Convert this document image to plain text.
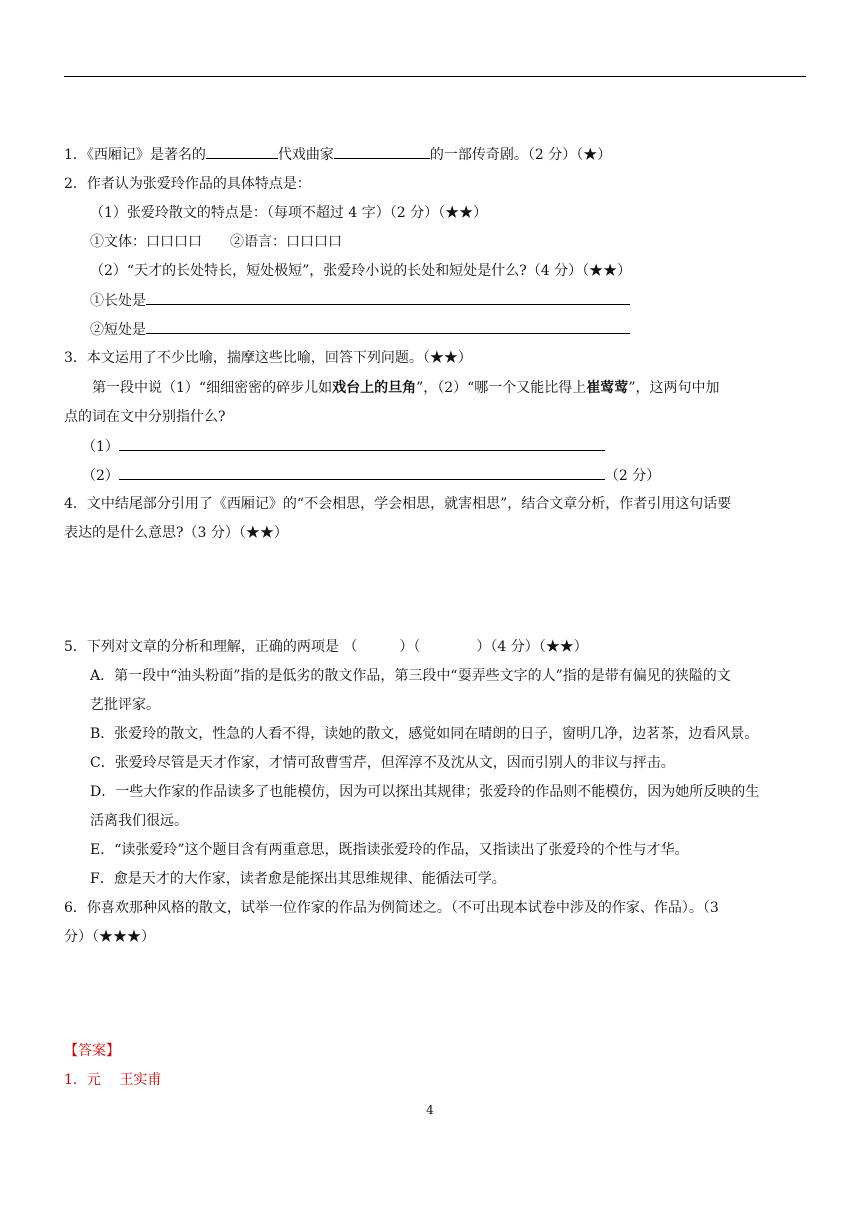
1．《西厢记》是著名的	代戏曲家	的一部传奇剧。（2 分）（★）
2．作者认为张爱玲作品的具体特点是：
（1）张爱玲散文的特点是：（每项不超过 4 字）（2 分）（★★）
①文体：口口口口　　②语言：口口口口
（2）“天才的长处特长，短处极短”，张爱玲小说的长处和短处是什么?（4 分）（★★）
①长处是
②短处是
3．本文运用了不少比喻，揣摩这些比喻，回答下列问题。（★★）
第一段中说（1）“细细密密的碎步儿如戏台上的旦角”，（2）“哪一个又能比得上崔莺莺”，这两句中加
点的词在文中分别指什么?
（1）
（2）	（2 分）
4．文中结尾部分引用了《西厢记》的“不会相思，学会相思，就害相思”，结合文章分析，作者引用这句话要
表达的是什么意思?（3 分）（★★）
5．下列对文章的分析和理解，正确的两项是 （　　　）（　　　　）（4 分）（★★）
A．第一段中“油头粉面”指的是低劣的散文作品，第三段中“耍弄些文字的人”指的是带有偏见的狭隘的文
艺批评家。
B．张爱玲的散文，性急的人看不得，读她的散文，感觉如同在晴朗的日子，窗明几净，边茗茶，边看风景。
C．张爱玲尽管是天才作家，才情可敌曹雪芹，但浑淳不及沈从文，因而引别人的非议与抨击。
D．一些大作家的作品读多了也能模仿，因为可以探出其规律；张爱玲的作品则不能模仿，因为她所反映的生
活离我们很远。
E．“读张爱玲”这个题目含有两重意思，既指读张爱玲的作品，又指读出了张爱玲的个性与才华。
F．愈是天才的大作家，读者愈是能探出其思维规律、能循法可学。
6．你喜欢那种风格的散文，试举一位作家的作品为例简述之。（不可出现本试卷中涉及的作家、作品）。（3
分）（★★★）
【答案】
1．元　 王实甫
4
